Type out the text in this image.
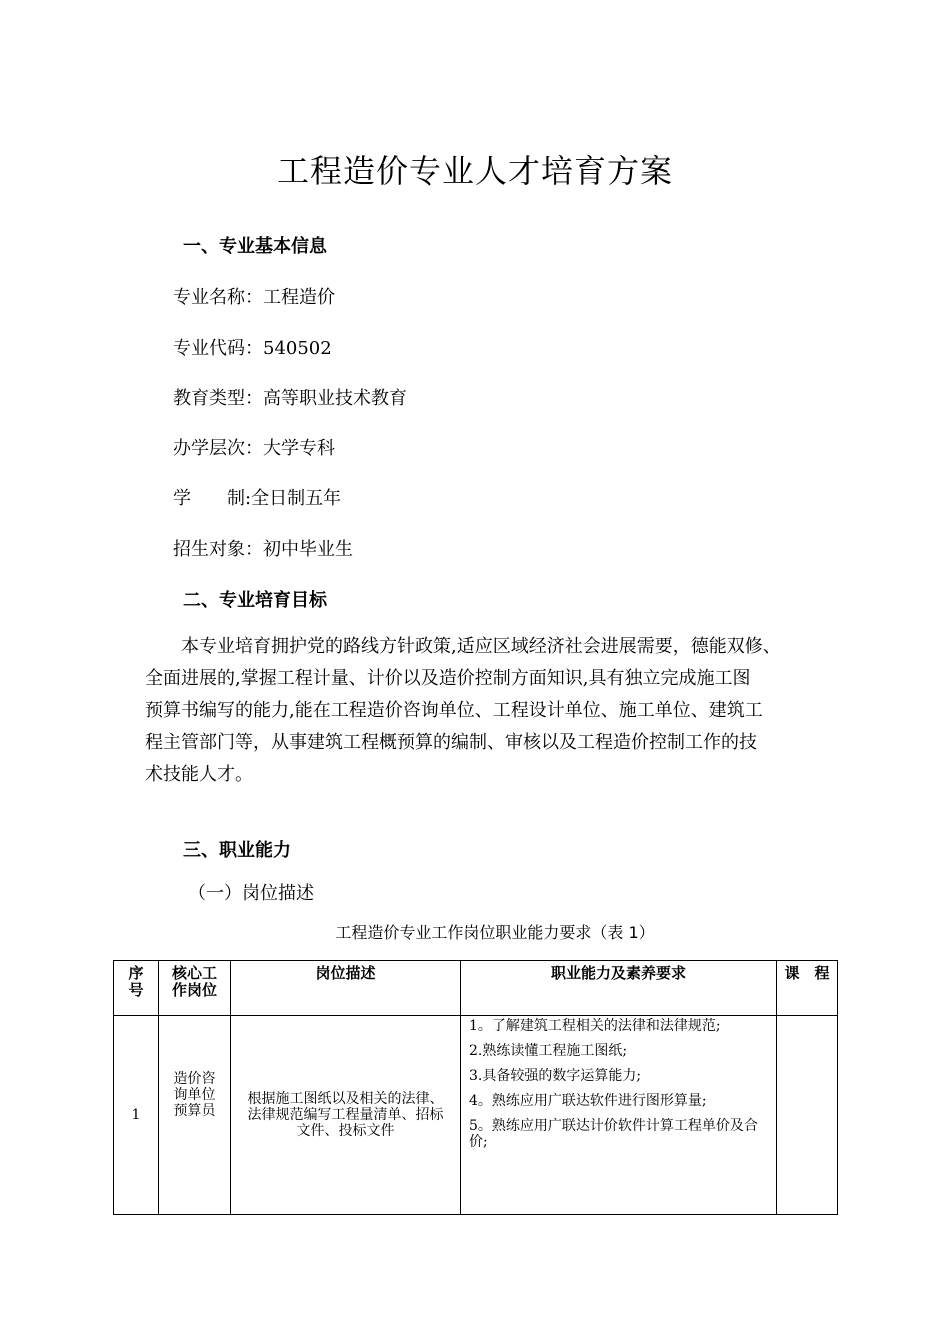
工程造价专业人才培育方案
一、专业基本信息
专业名称：工程造价
专业代码：540502
教育类型：高等职业技术教育
办学层次：大学专科
学　　制:全日制五年
招生对象：初中毕业生
二、专业培育目标
　　本专业培育拥护党的路线方针政策,适应区域经济社会进展需要，德能双修、
全面进展的,掌握工程计量、计价以及造价控制方面知识,具有独立完成施工图
预算书编写的能力,能在工程造价咨询单位、工程设计单位、施工单位、建筑工
程主管部门等，从事建筑工程概预算的编制、审核以及工程造价控制工作的技
术技能人才。
三、职业能力
（一）岗位描述
工程造价专业工作岗位职业能力要求（表 1）
序号	核心工作岗位	岗位描述	职业能力及素养要求	课　程
1	造价咨询单位预算员	根据施工图纸以及相关的法律、法律规范编写工程量清单、招标文件、投标文件	1。了解建筑工程相关的法律和法律规范;

2.熟练读懂工程施工图纸;

3.具备较强的数字运算能力;

4。熟练应用广联达软件进行图形算量;

5。熟练应用广联达计价软件计算工程单价及合价;	
